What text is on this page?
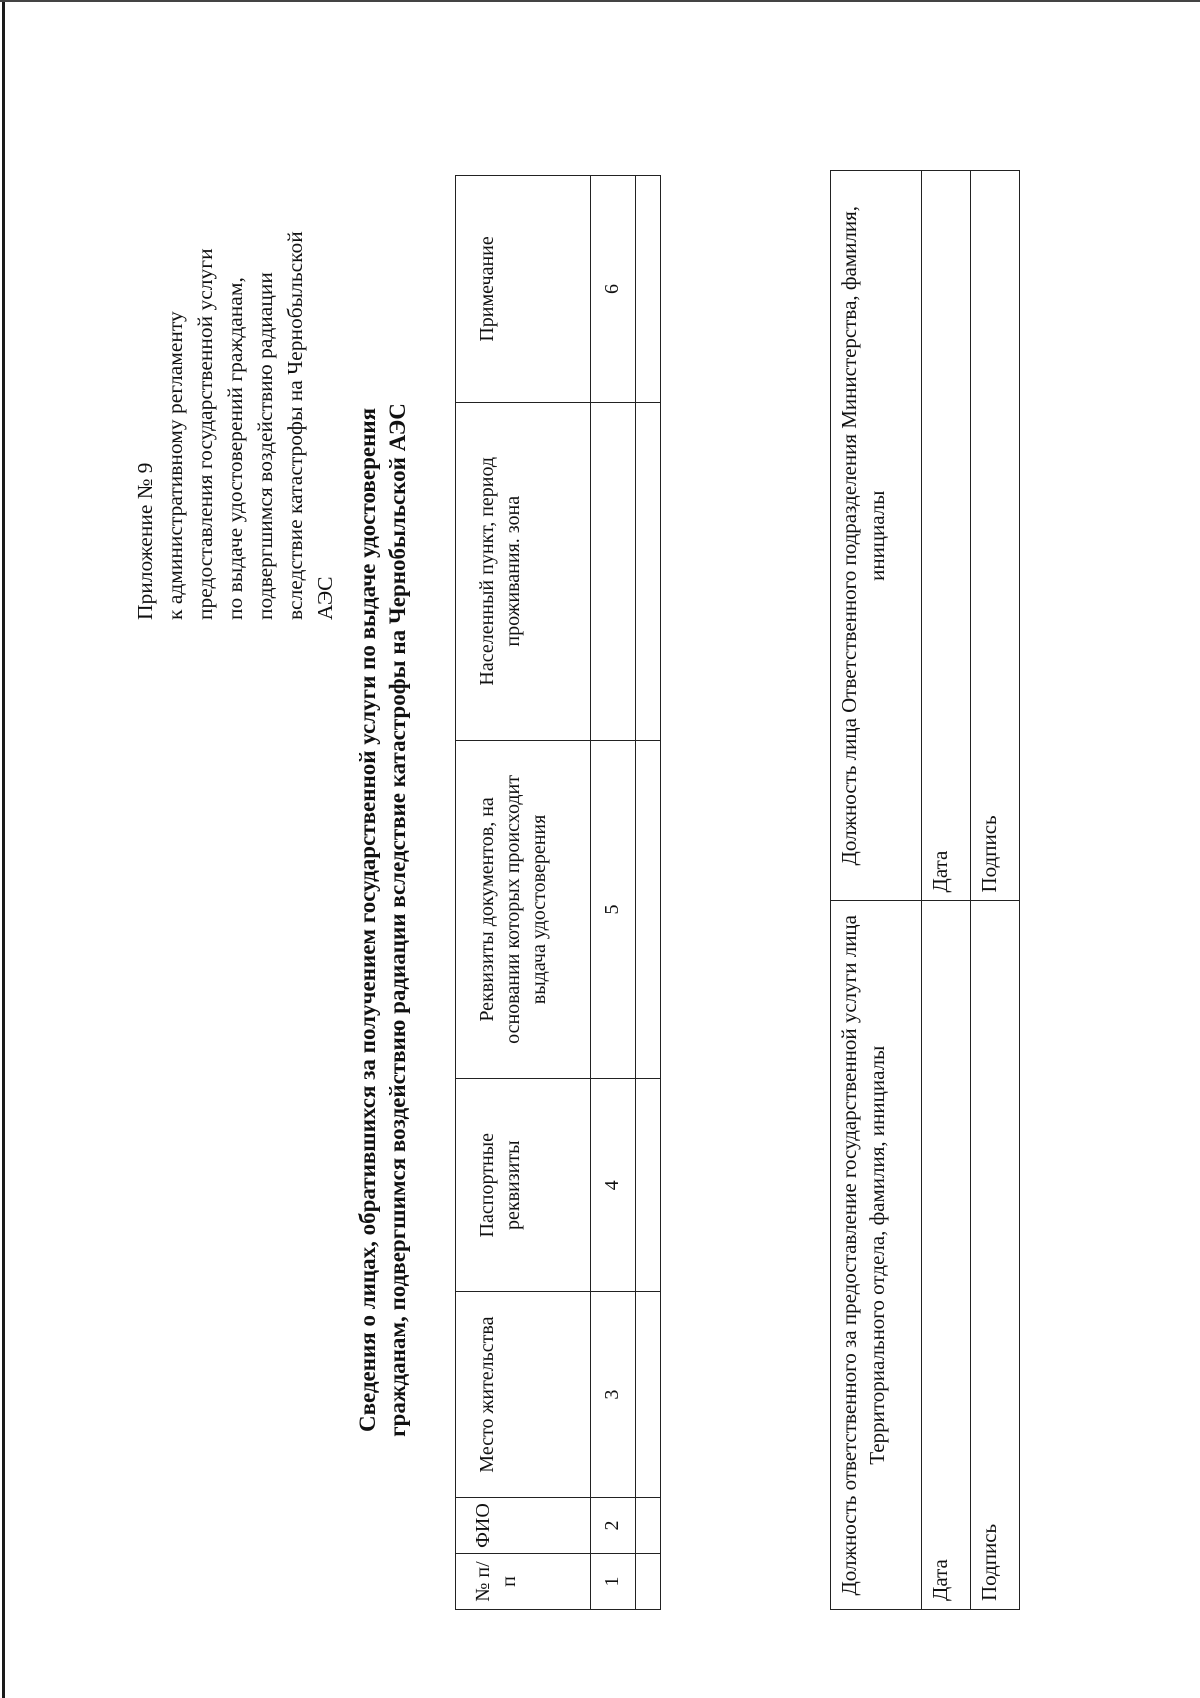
Приложение № 9 к административному регламенту предоставления государственной услуги по выдаче удостоверений гражданам, подвергшимся воздействию радиации вследствие катастрофы на Чернобыльской АЭС Сведения о лицах, обратившихся за получением государственной услуги по выдаче удостоверения гражданам, подвергшимся воздействию радиации вследствие катастрофы на Чернобыльской АЭС
№ п/п	ФИО	Место жительства	Паспортные реквизиты	Реквизиты документов, на основании которых происходит выдача удостоверения	Населенный пункт, период проживания. зона	Примечание
1	2	3	4	5		6

Должность ответственного за предоставление государственной услуги лица Территориального отдела, фамилия, инициалы	Должность лица Ответственного подразделения Министерства, фамилия, инициалы
Дата	Дата
Подпись	Подпись
